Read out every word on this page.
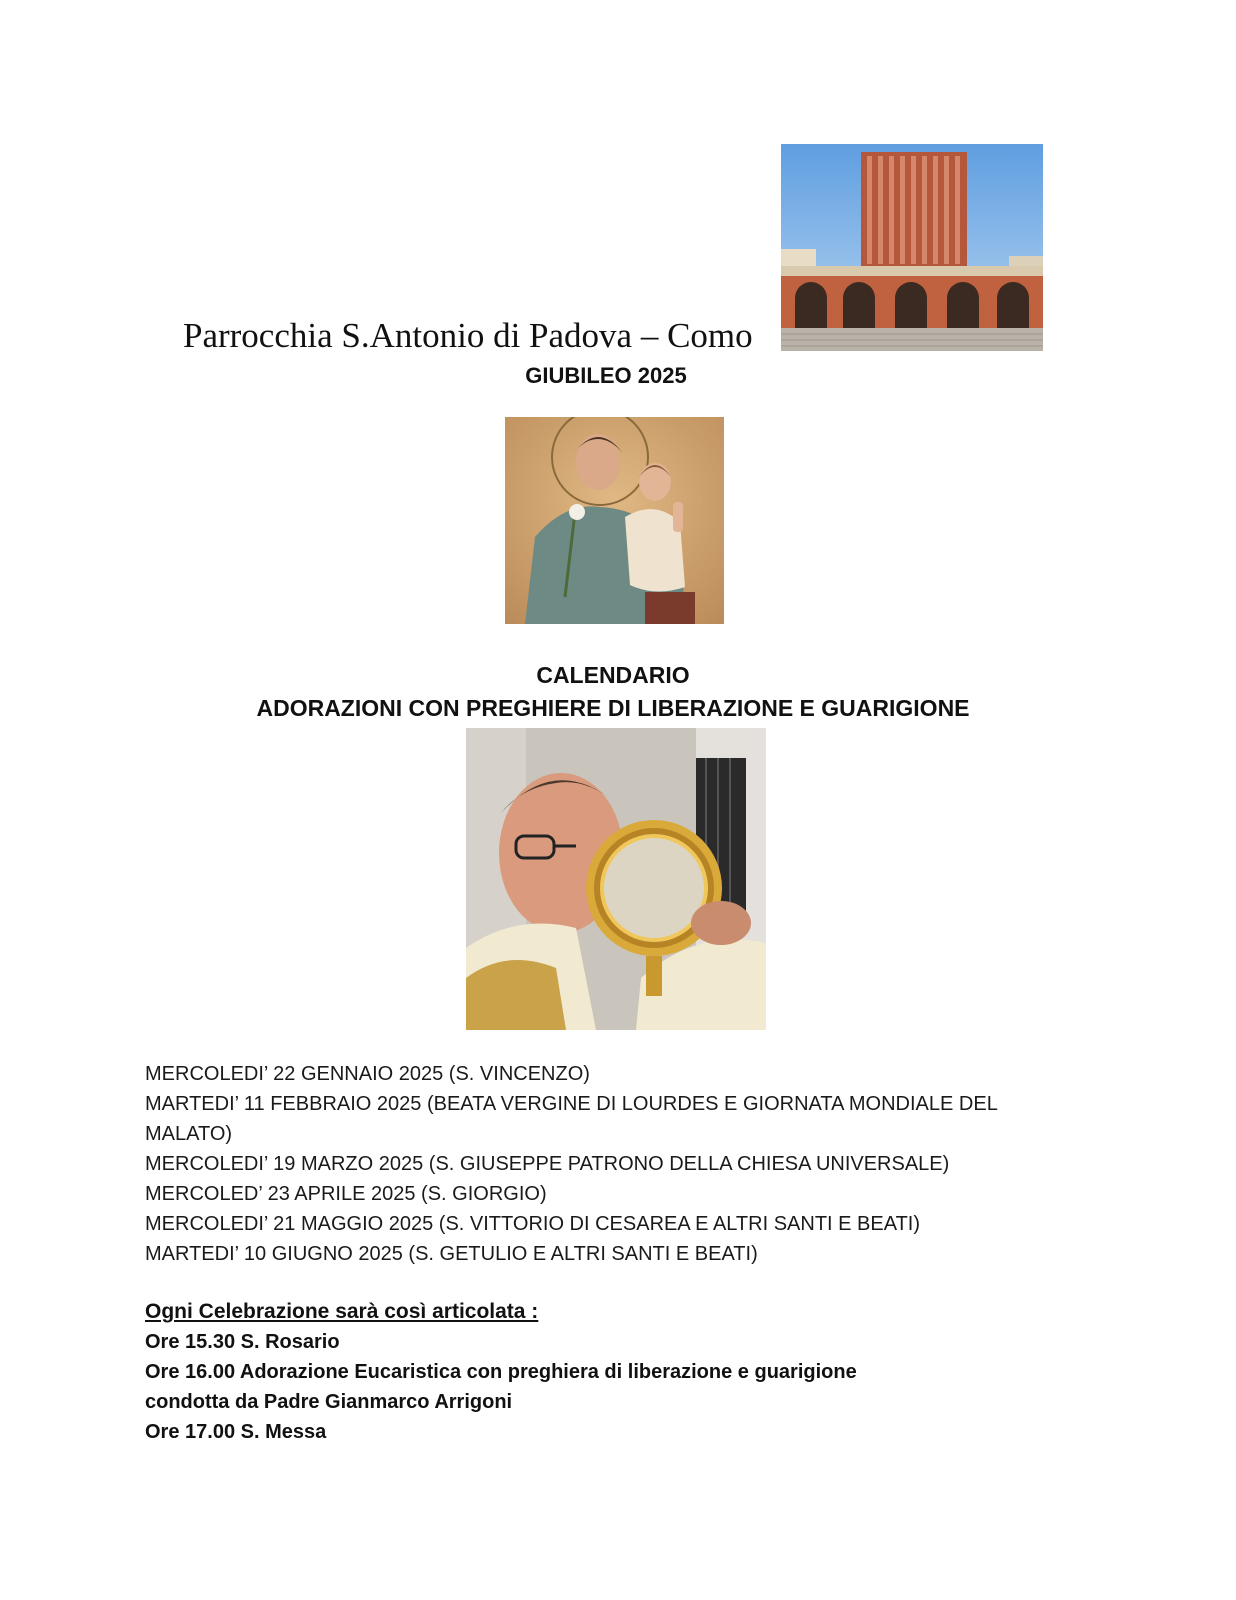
Parrocchia S.Antonio di Padova – Como
GIUBILEO 2025
CALENDARIO
ADORAZIONI CON PREGHIERE DI LIBERAZIONE E GUARIGIONE
MERCOLEDI’ 22 GENNAIO 2025 (S. VINCENZO)
MARTEDI’ 11 FEBBRAIO 2025 (BEATA VERGINE DI LOURDES E GIORNATA MONDIALE DEL MALATO)
MERCOLEDI’ 19 MARZO 2025 (S. GIUSEPPE PATRONO DELLA CHIESA UNIVERSALE)
MERCOLED’ 23 APRILE 2025 (S. GIORGIO)
MERCOLEDI’ 21 MAGGIO 2025 (S. VITTORIO DI CESAREA E ALTRI SANTI E BEATI)
MARTEDI’ 10 GIUGNO 2025 (S. GETULIO E ALTRI SANTI E BEATI)
Ogni Celebrazione sarà così articolata :
Ore 15.30 S. Rosario
Ore 16.00 Adorazione Eucaristica con preghiera di liberazione e guarigione
condotta da Padre Gianmarco Arrigoni
Ore 17.00 S. Messa
